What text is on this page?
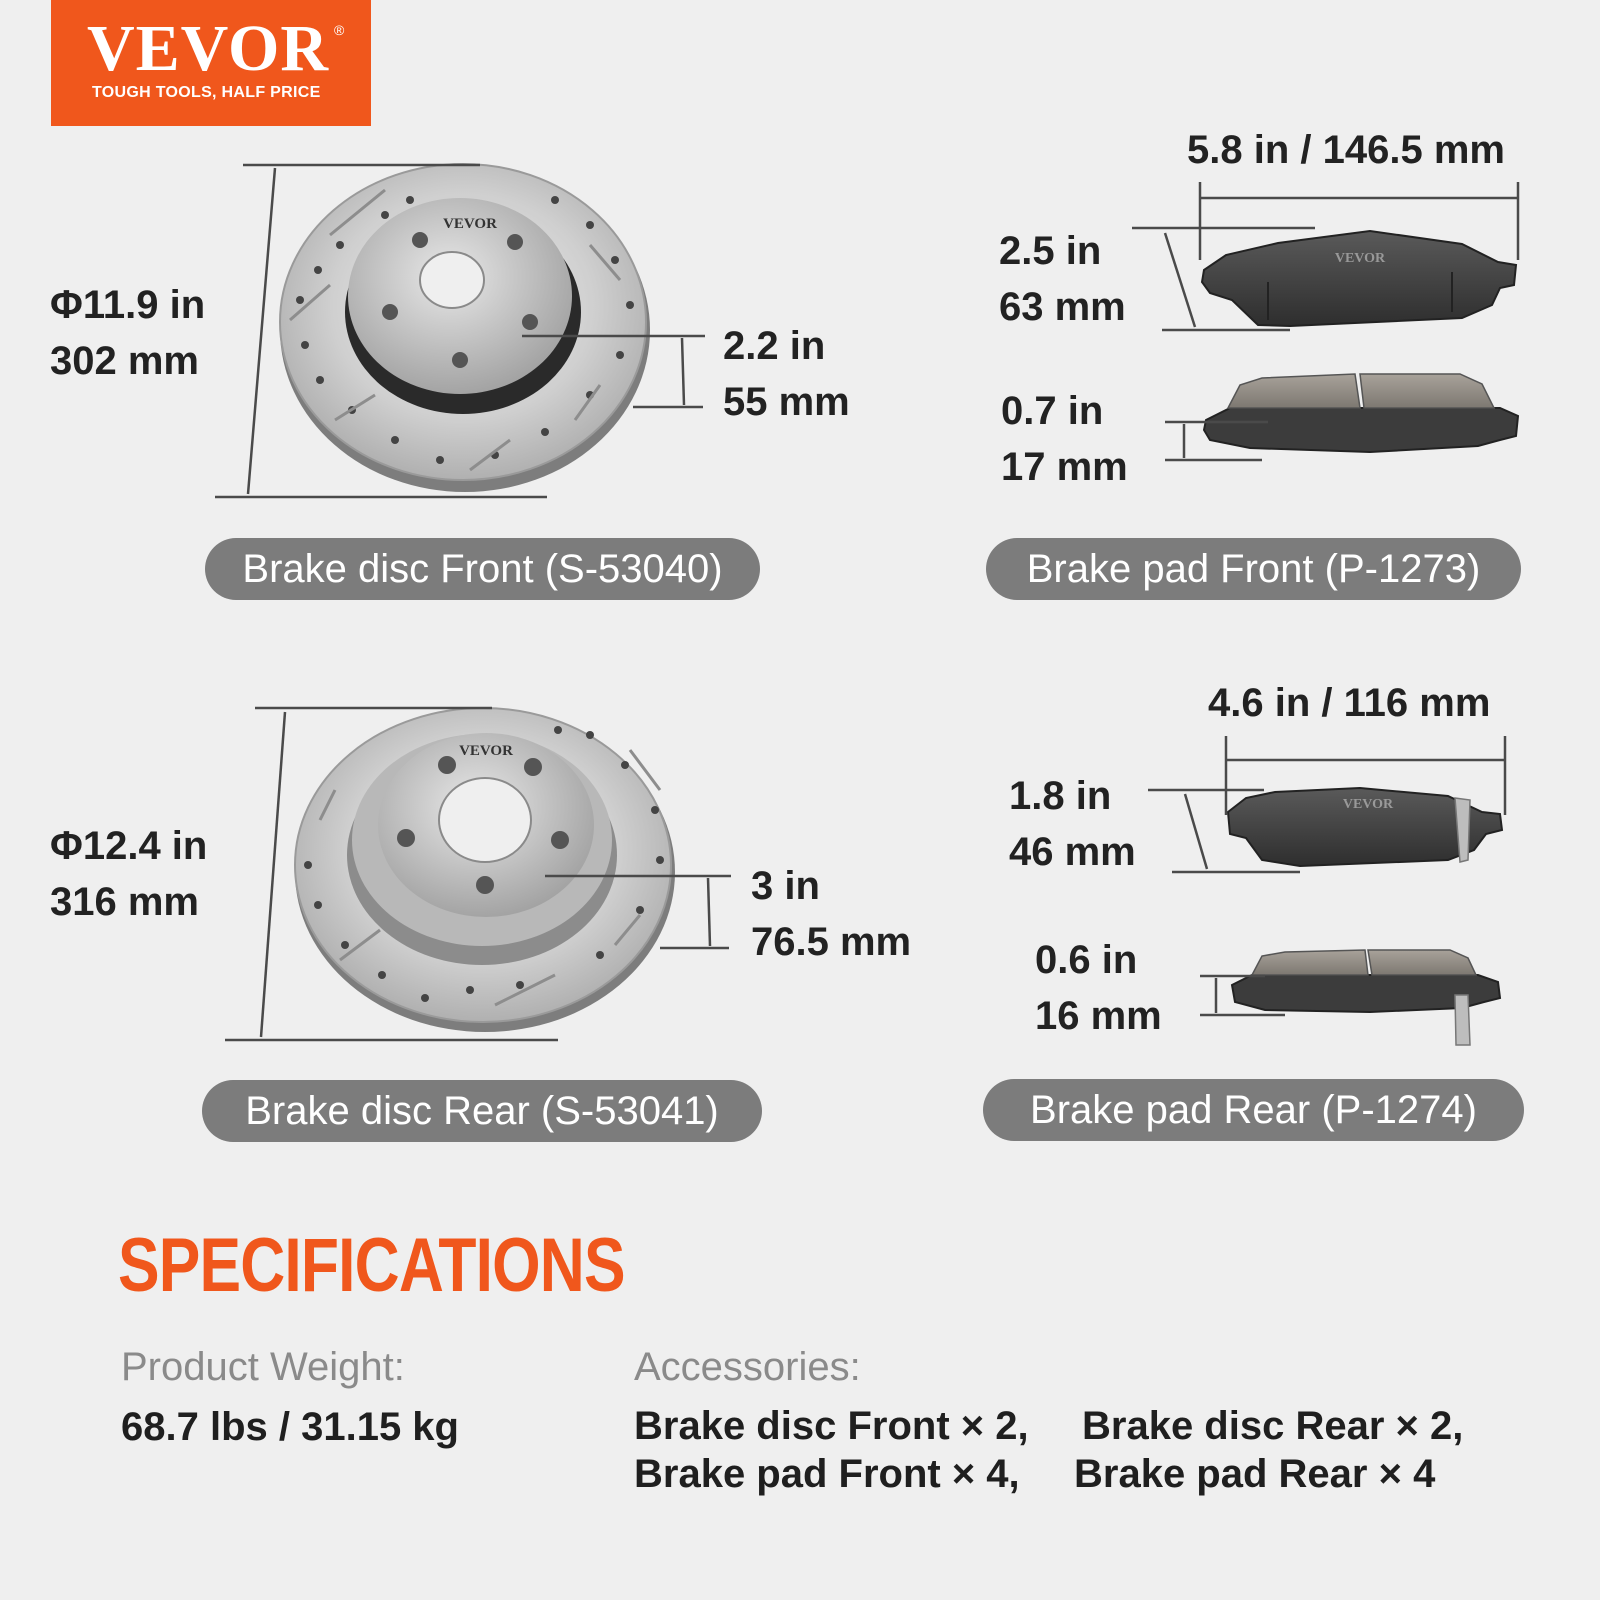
VEVOR ®
TOUGH TOOLS, HALF PRICE
VEVOR
VEVOR
VEVOR
VEVOR
Φ11.9 in
302 mm	2.2 in
55 mm
Brake disc Front (S-53040)
5.8 in / 146.5 mm
2.5 in
63 mm
0.7 in
17 mm
Brake pad Front (P-1273)
Φ12.4 in
316 mm	3 in
76.5 mm
Brake disc Rear (S-53041)
4.6 in / 116 mm
1.8 in
46 mm
0.6 in
16 mm
Brake pad Rear (P-1274)
SPECIFICATIONS
Product Weight:
68.7 lbs / 31.15 kg
Accessories:
Brake disc Front × 2, Brake disc Rear × 2,
Brake pad Front × 4, Brake pad Rear × 4
